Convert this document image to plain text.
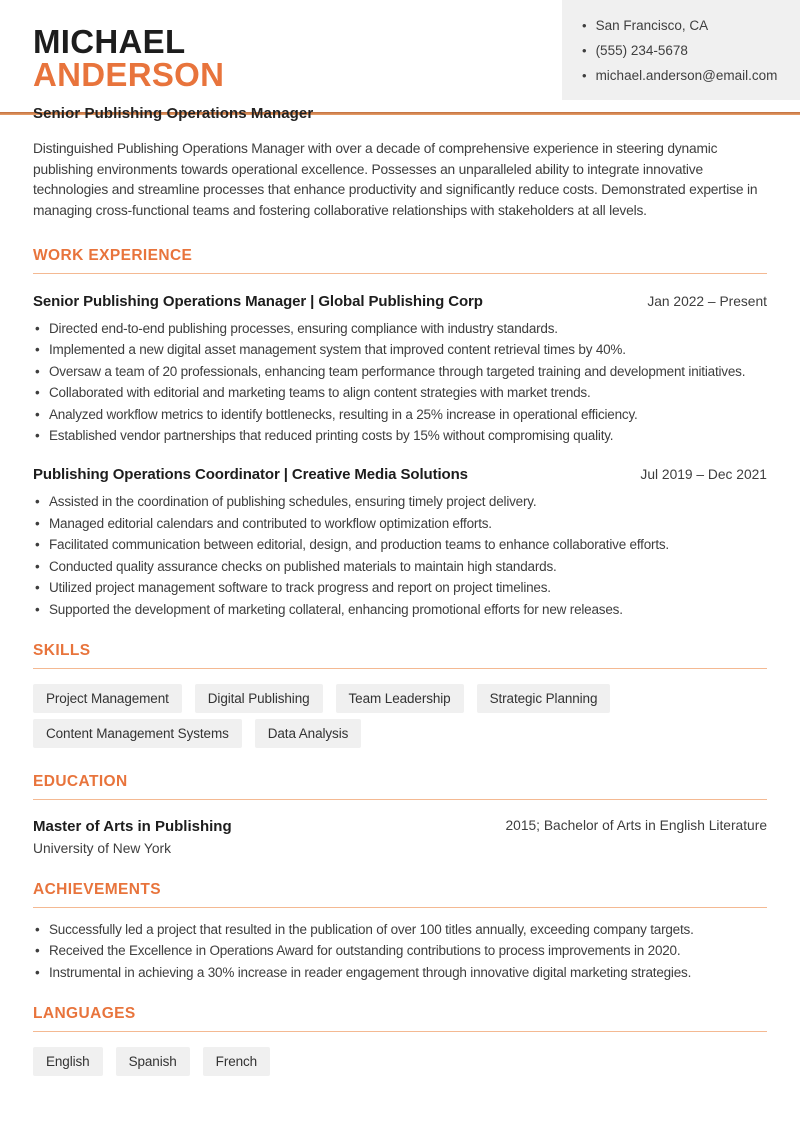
MICHAEL
ANDERSON
Senior Publishing Operations Manager
• San Francisco, CA
• (555) 234-5678
• michael.anderson@email.com

Distinguished Publishing Operations Manager with over a decade of comprehensive experience in steering dynamic publishing environments towards operational excellence. Possesses an unparalleled ability to integrate innovative technologies and streamline processes that enhance productivity and significantly reduce costs. Demonstrated expertise in managing cross-functional teams and fostering collaborative relationships with stakeholders at all levels.

WORK EXPERIENCE
Senior Publishing Operations Manager | Global Publishing Corp	Jan 2022 – Present
• Directed end-to-end publishing processes, ensuring compliance with industry standards.
• Implemented a new digital asset management system that improved content retrieval times by 40%.
• Oversaw a team of 20 professionals, enhancing team performance through targeted training and development initiatives.
• Collaborated with editorial and marketing teams to align content strategies with market trends.
• Analyzed workflow metrics to identify bottlenecks, resulting in a 25% increase in operational efficiency.
• Established vendor partnerships that reduced printing costs by 15% without compromising quality.
Publishing Operations Coordinator | Creative Media Solutions	Jul 2019 – Dec 2021
• Assisted in the coordination of publishing schedules, ensuring timely project delivery.
• Managed editorial calendars and contributed to workflow optimization efforts.
• Facilitated communication between editorial, design, and production teams to enhance collaborative efforts.
• Conducted quality assurance checks on published materials to maintain high standards.
• Utilized project management software to track progress and report on project timelines.
• Supported the development of marketing collateral, enhancing promotional efforts for new releases.
SKILLS
Project Management	Digital Publishing	Team Leadership	Strategic Planning
Content Management Systems	Data Analysis
EDUCATION
Master of Arts in Publishing
University of New York
2015; Bachelor of Arts in English Literature
ACHIEVEMENTS
• Successfully led a project that resulted in the publication of over 100 titles annually, exceeding company targets.
• Received the Excellence in Operations Award for outstanding contributions to process improvements in 2020.
• Instrumental in achieving a 30% increase in reader engagement through innovative digital marketing strategies.
LANGUAGES
English	Spanish	French
